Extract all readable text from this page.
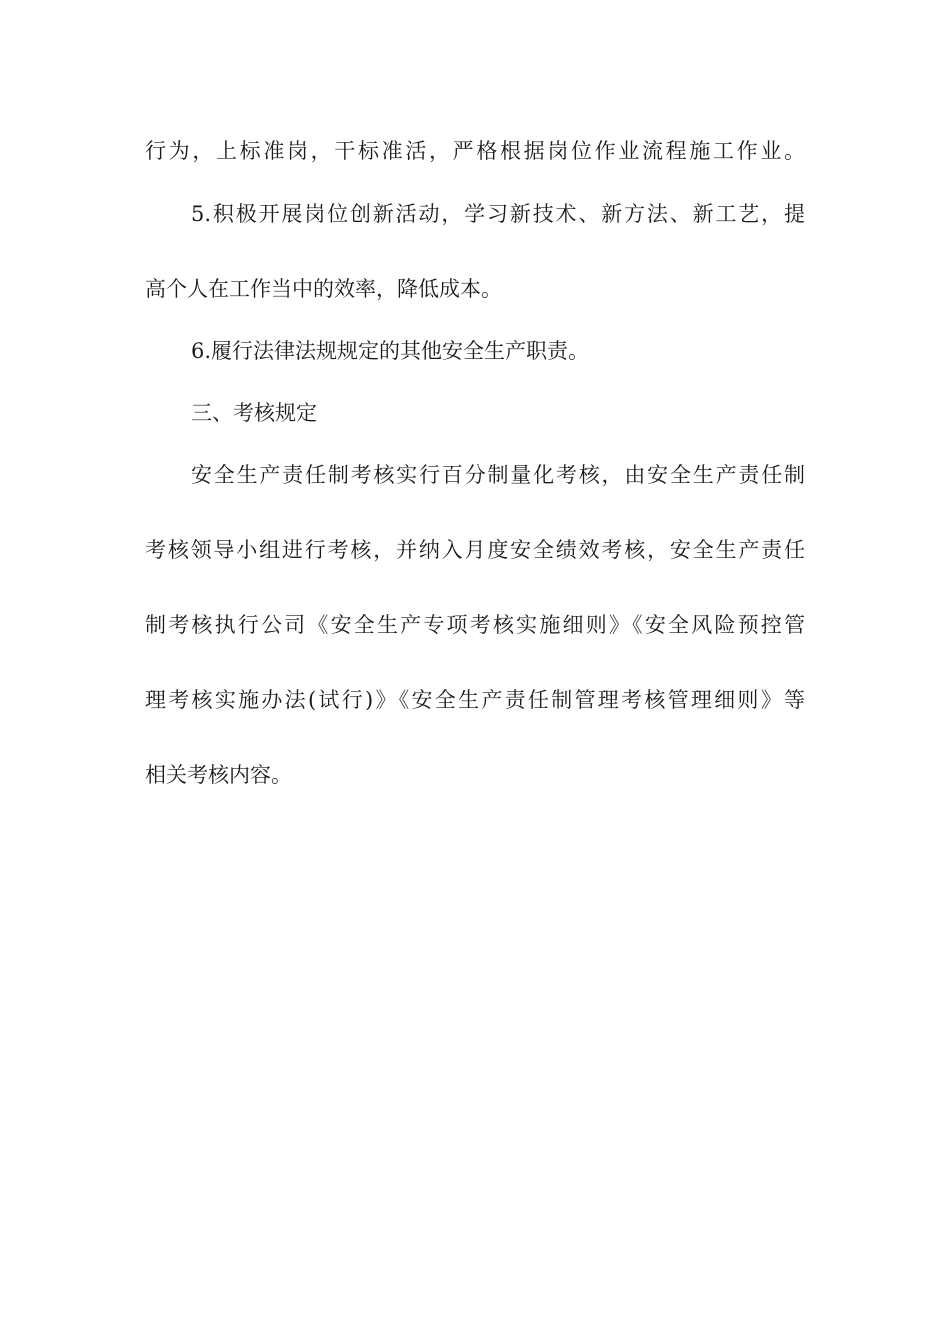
行为，上标准岗，干标准活，严格根据岗位作业流程施工作业。
5.积极开展岗位创新活动，学习新技术、新方法、新工艺，提
高个人在工作当中的效率，降低成本。
6.履行法律法规规定的其他安全生产职责。
三、考核规定
安全生产责任制考核实行百分制量化考核，由安全生产责任制
考核领导小组进行考核，并纳入月度安全绩效考核，安全生产责任
制考核执行公司《安全生产专项考核实施细则》《安全风险预控管
理考核实施办法(试行)》《安全生产责任制管理考核管理细则》等
相关考核内容。
